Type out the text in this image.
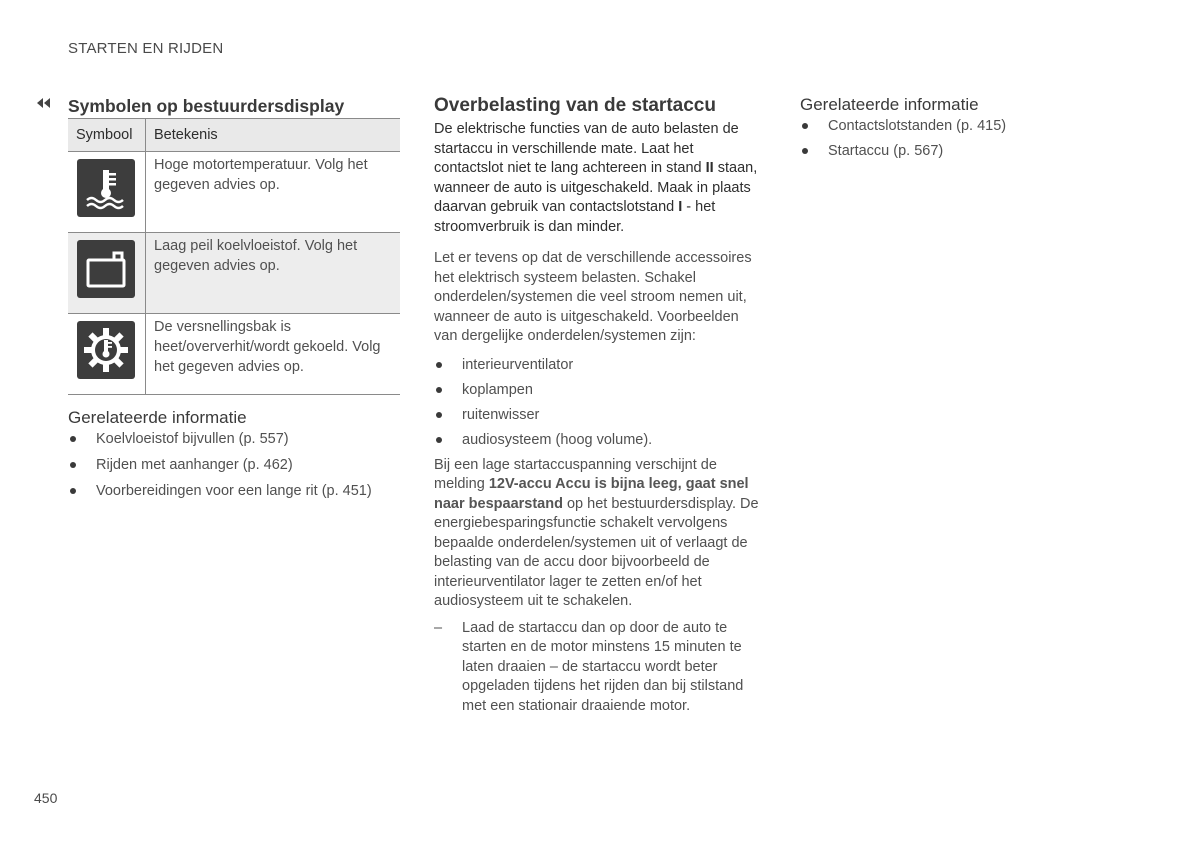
STARTEN EN RIJDEN
Symbolen op bestuurdersdisplay
Symbool	Betekenis

	Hoge motortemperatuur. Volg het gegeven advies op.

	Laag peil koelvloeistof. Volg het gegeven advies op.

	De versnellingsbak is heet/oververhit/wordt gekoeld. Volg het gegeven advies op.
Gerelateerde informatie
Koelvloeistof bijvullen (p. 557)
Rijden met aanhanger (p. 462)
Voorbereidingen voor een lange rit (p. 451)
Overbelasting van de startaccu

De elektrische functies van de auto belasten de startaccu in verschillende mate. Laat het contactslot niet te lang achtereen in stand II staan, wanneer de auto is uitgeschakeld. Maak in plaats daarvan gebruik van contactslotstand I - het stroomverbruik is dan minder.

Let er tevens op dat de verschillende accessoires het elektrisch systeem belasten. Schakel onderdelen/systemen die veel stroom nemen uit, wanneer de auto is uitgeschakeld. Voorbeelden van dergelijke onderdelen/systemen zijn:

interieurventilator
koplampen
ruitenwisser
audiosysteem (hoog volume).

Bij een lage startaccuspanning verschijnt de melding 12V-accu Accu is bijna leeg, gaat snel naar bespaarstand op het bestuurdersdisplay. De energiebesparingsfunctie schakelt vervolgens bepaalde onderdelen/systemen uit of verlaagt de belasting van de accu door bijvoorbeeld de interieurventilator lager te zetten en/of het audiosysteem uit te schakelen.

– Laad de startaccu dan op door de auto te starten en de motor minstens 15 minuten te laten draaien – de startaccu wordt beter opgeladen tijdens het rijden dan bij stilstand met een stationair draaiende motor.
Gerelateerde informatie
Contactslotstanden (p. 415)
Startaccu (p. 567)
450
